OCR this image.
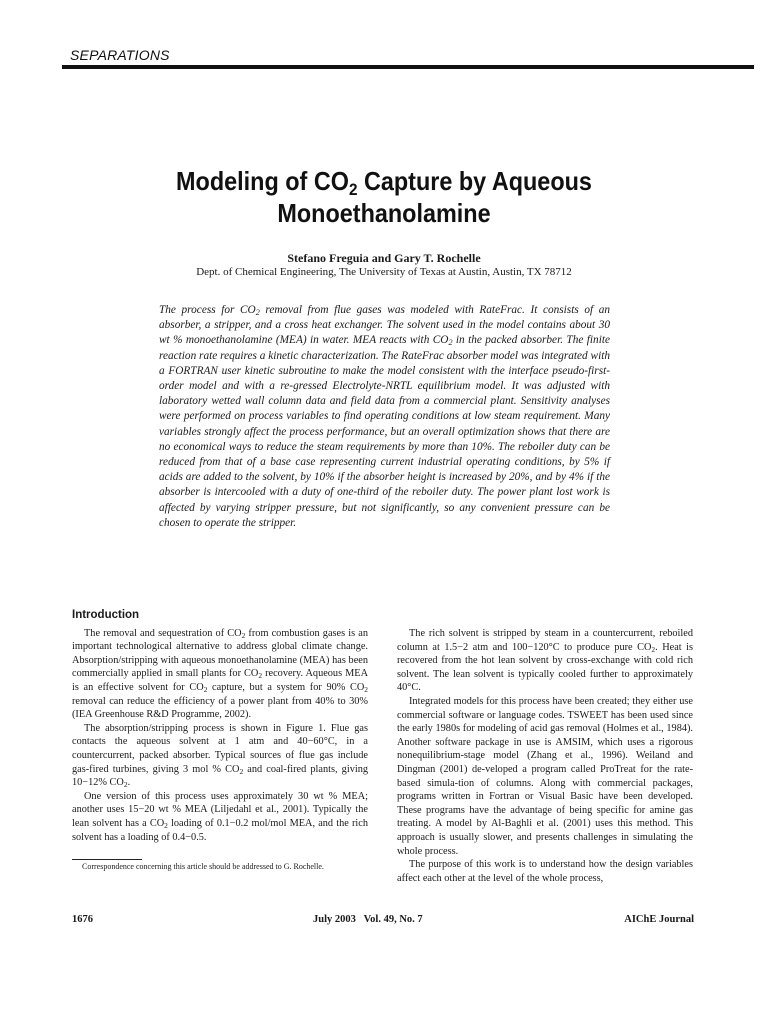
SEPARATIONS
Modeling of $CO_2$ Capture by Aqueous
Monoethanolamine
Stefano Freguia and Gary T. Rochelle
Dept. of Chemical Engineering, The University of Texas at Austin, Austin, TX 78712

The process for $CO_2$ removal from flue gases was modeled with RateFrac. It consists of an absorber, a stripper, and a cross heat exchanger. The solvent used in the model contains about 30 wt % monoethanolamine (MEA) in water. MEA reacts with $CO_2$ in the packed absorber. The finite reaction rate requires a kinetic characterization. The RateFrac absorber model was integrated with a FORTRAN user kinetic subroutine to make the model consistent with the interface pseudo-first-order model and with a re-gressed Electrolyte-NRTL equilibrium model. It was adjusted with laboratory wetted wall column data and field data from a commercial plant. Sensitivity analyses were performed on process variables to find operating conditions at low steam requirement. Many variables strongly affect the process performance, but an overall optimization shows that there are no economical ways to reduce the steam requirements by more than 10%. The reboiler duty can be reduced from that of a base case representing current industrial operating conditions, by 5% if acids are added to the solvent, by 10% if the absorber height is increased by 20%, and by 4% if the absorber is intercooled with a duty of one-third of the reboiler duty. The power plant lost work is affected by varying stripper pressure, but not significantly, so any convenient pressure can be chosen to operate the stripper.

Introduction

The removal and sequestration of $CO_2$ from combustion gases is an important technological alternative to address global climate change. Absorption/stripping with aqueous monoethanolamine (MEA) has been commercially applied in small plants for $CO_2$ recovery. Aqueous MEA is an effective solvent for $CO_2$ capture, but a system for 90% $CO_2$ removal can reduce the efficiency of a power plant from 40% to 30% (IEA Greenhouse R&D Programme, 2002).

The absorption/stripping process is shown in Figure 1. Flue gas contacts the aqueous solvent at 1 atm and 40−60°C, in a countercurrent, packed absorber. Typical sources of flue gas include gas-fired turbines, giving 3 mol % $CO_2$ and coal-fired plants, giving 10−12% $CO_2$.

One version of this process uses approximately 30 wt % MEA; another uses 15−20 wt % MEA (Liljedahl et al., 2001). Typically the lean solvent has a $CO_2$ loading of 0.1−0.2 mol/mol MEA, and the rich solvent has a loading of 0.4−0.5.

The rich solvent is stripped by steam in a countercurrent, reboiled column at 1.5−2 atm and 100−120°C to produce pure $CO_2$. Heat is recovered from the hot lean solvent by cross-exchange with cold rich solvent. The lean solvent is typically cooled further to approximately 40°C.

Integrated models for this process have been created; they either use commercial software or language codes. TSWEET has been used since the early 1980s for modeling of acid gas removal (Holmes et al., 1984). Another software package in use is AMSIM, which uses a rigorous nonequilibrium-stage model (Zhang et al., 1996). Weiland and Dingman (2001) de-veloped a program called ProTreat for the rate-based simula-tion of columns. Along with commercial packages, programs written in Fortran or Visual Basic have been developed. These programs have the advantage of being specific for amine gas treating. A model by Al-Baghli et al. (2001) uses this method. This approach is usually slower, and presents challenges in simulating the whole process.

The purpose of this work is to understand how the design variables affect each other at the level of the whole process,

Correspondence concerning this article should be addressed to G. Rochelle.
1676	July 2003   Vol. 49, No. 7	AIChE Journal
